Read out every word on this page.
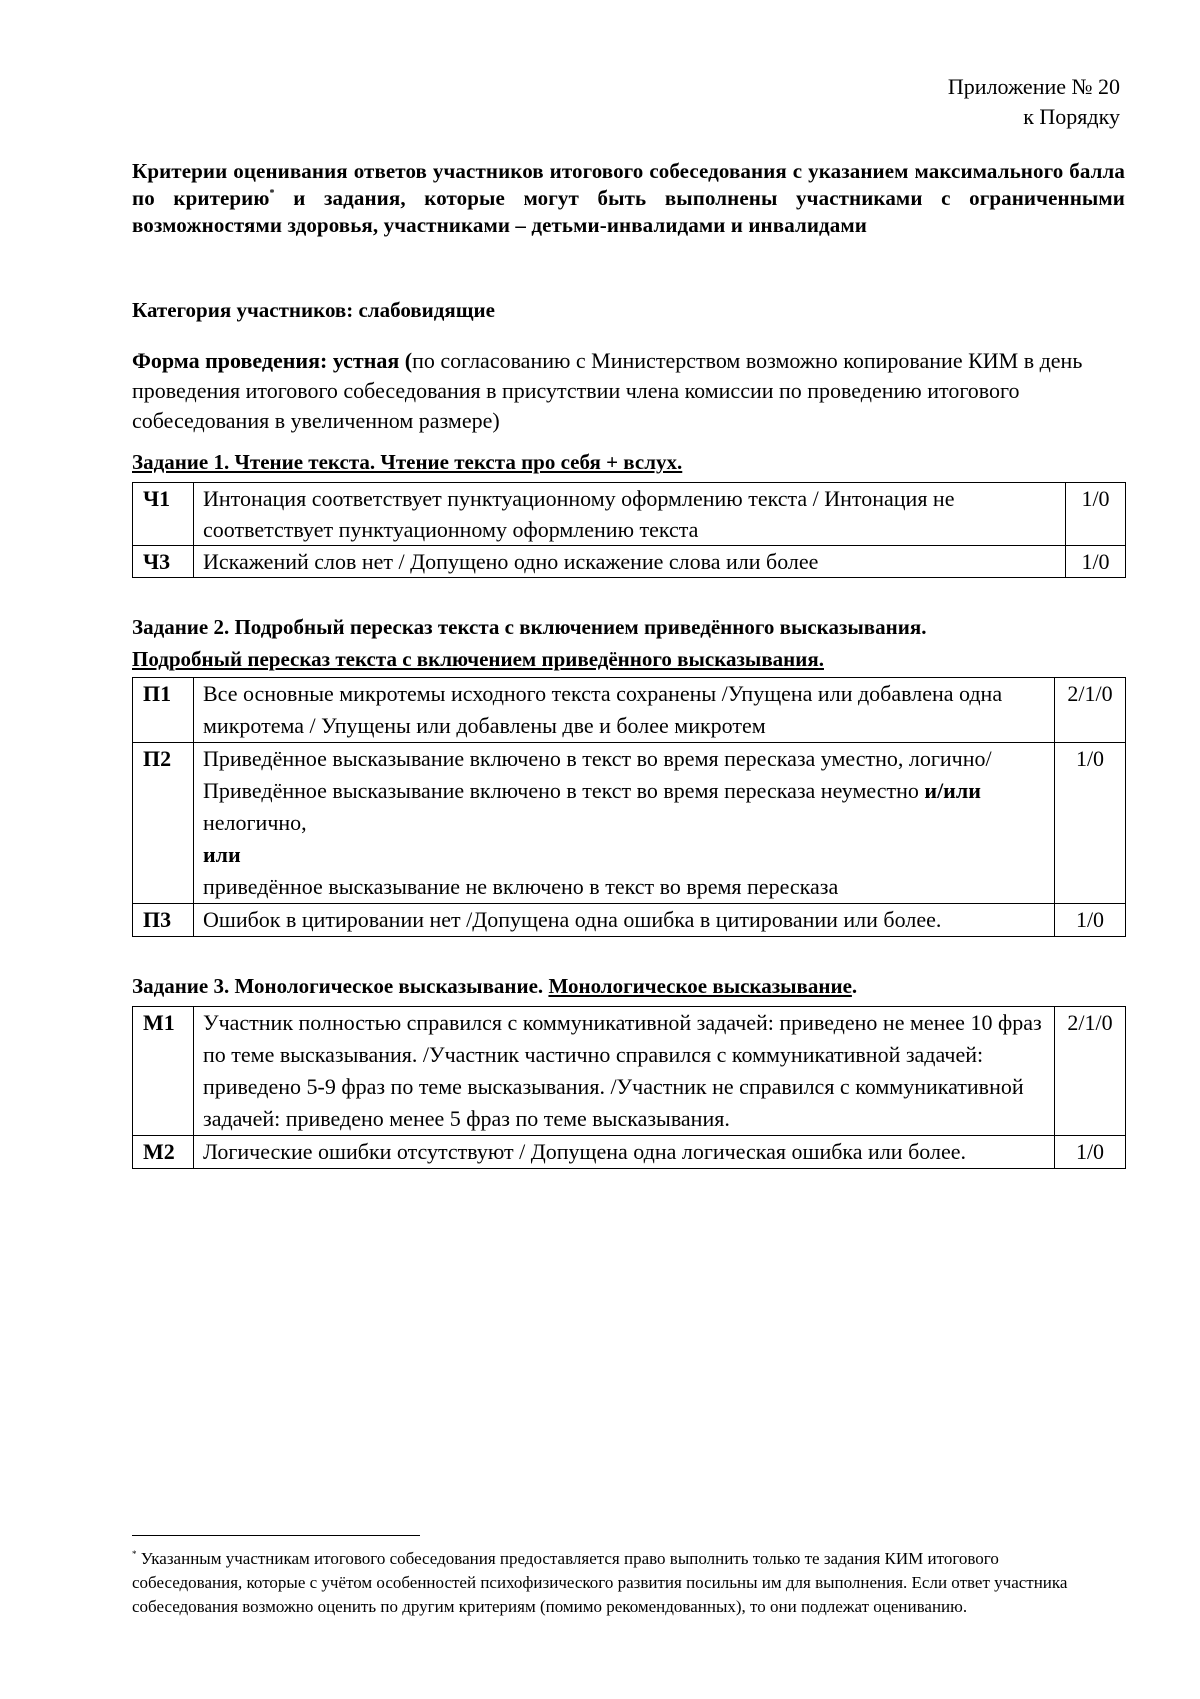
Приложение № 20
к Порядку
Критерии оценивания ответов участников итогового собеседования с указанием максимального балла по критерию* и задания, которые могут быть выполнены участниками с ограниченными возможностями здоровья, участниками – детьми-инвалидами и инвалидами
Категория участников: слабовидящие
Форма проведения: устная (по согласованию с Министерством возможно копирование КИМ в день проведения итогового собеседования в присутствии члена комиссии по проведению итогового собеседования в увеличенном размере)
Задание 1. Чтение текста. Чтение текста про себя + вслух.
Ч1	Интонация соответствует пунктуационному оформлению текста / Интонация не соответствует пунктуационному оформлению текста	1/0
Ч3	Искажений слов нет / Допущено одно искажение слова или более	1/0
Задание 2. Подробный пересказ текста с включением приведённого высказывания.
Подробный пересказ текста с включением приведённого высказывания.
П1	Все основные микротемы исходного текста сохранены /Упущена или добавлена одна микротема / Упущены или добавлены две и более микротем	2/1/0
П2	Приведённое высказывание включено в текст во время пересказа уместно, логично/ Приведённое высказывание включено в текст во время пересказа неуместно и/или нелогично,
или
приведённое высказывание не включено в текст во время пересказа	1/0
П3	Ошибок в цитировании нет /Допущена одна ошибка в цитировании или более.	1/0
Задание 3. Монологическое высказывание. Монологическое высказывание.
М1	Участник полностью справился с коммуникативной задачей: приведено не менее 10 фраз по теме высказывания. /Участник частично справился с коммуникативной задачей: приведено 5-9 фраз по теме высказывания. /Участник не справился с коммуникативной задачей: приведено менее 5 фраз по теме высказывания.	2/1/0
М2	Логические ошибки отсутствуют / Допущена одна логическая ошибка или более.	1/0
* Указанным участникам итогового собеседования предоставляется право выполнить только те задания КИМ итогового собеседования, которые с учётом особенностей психофизического развития посильны им для выполнения. Если ответ участника собеседования возможно оценить по другим критериям (помимо рекомендованных), то они подлежат оцениванию.
